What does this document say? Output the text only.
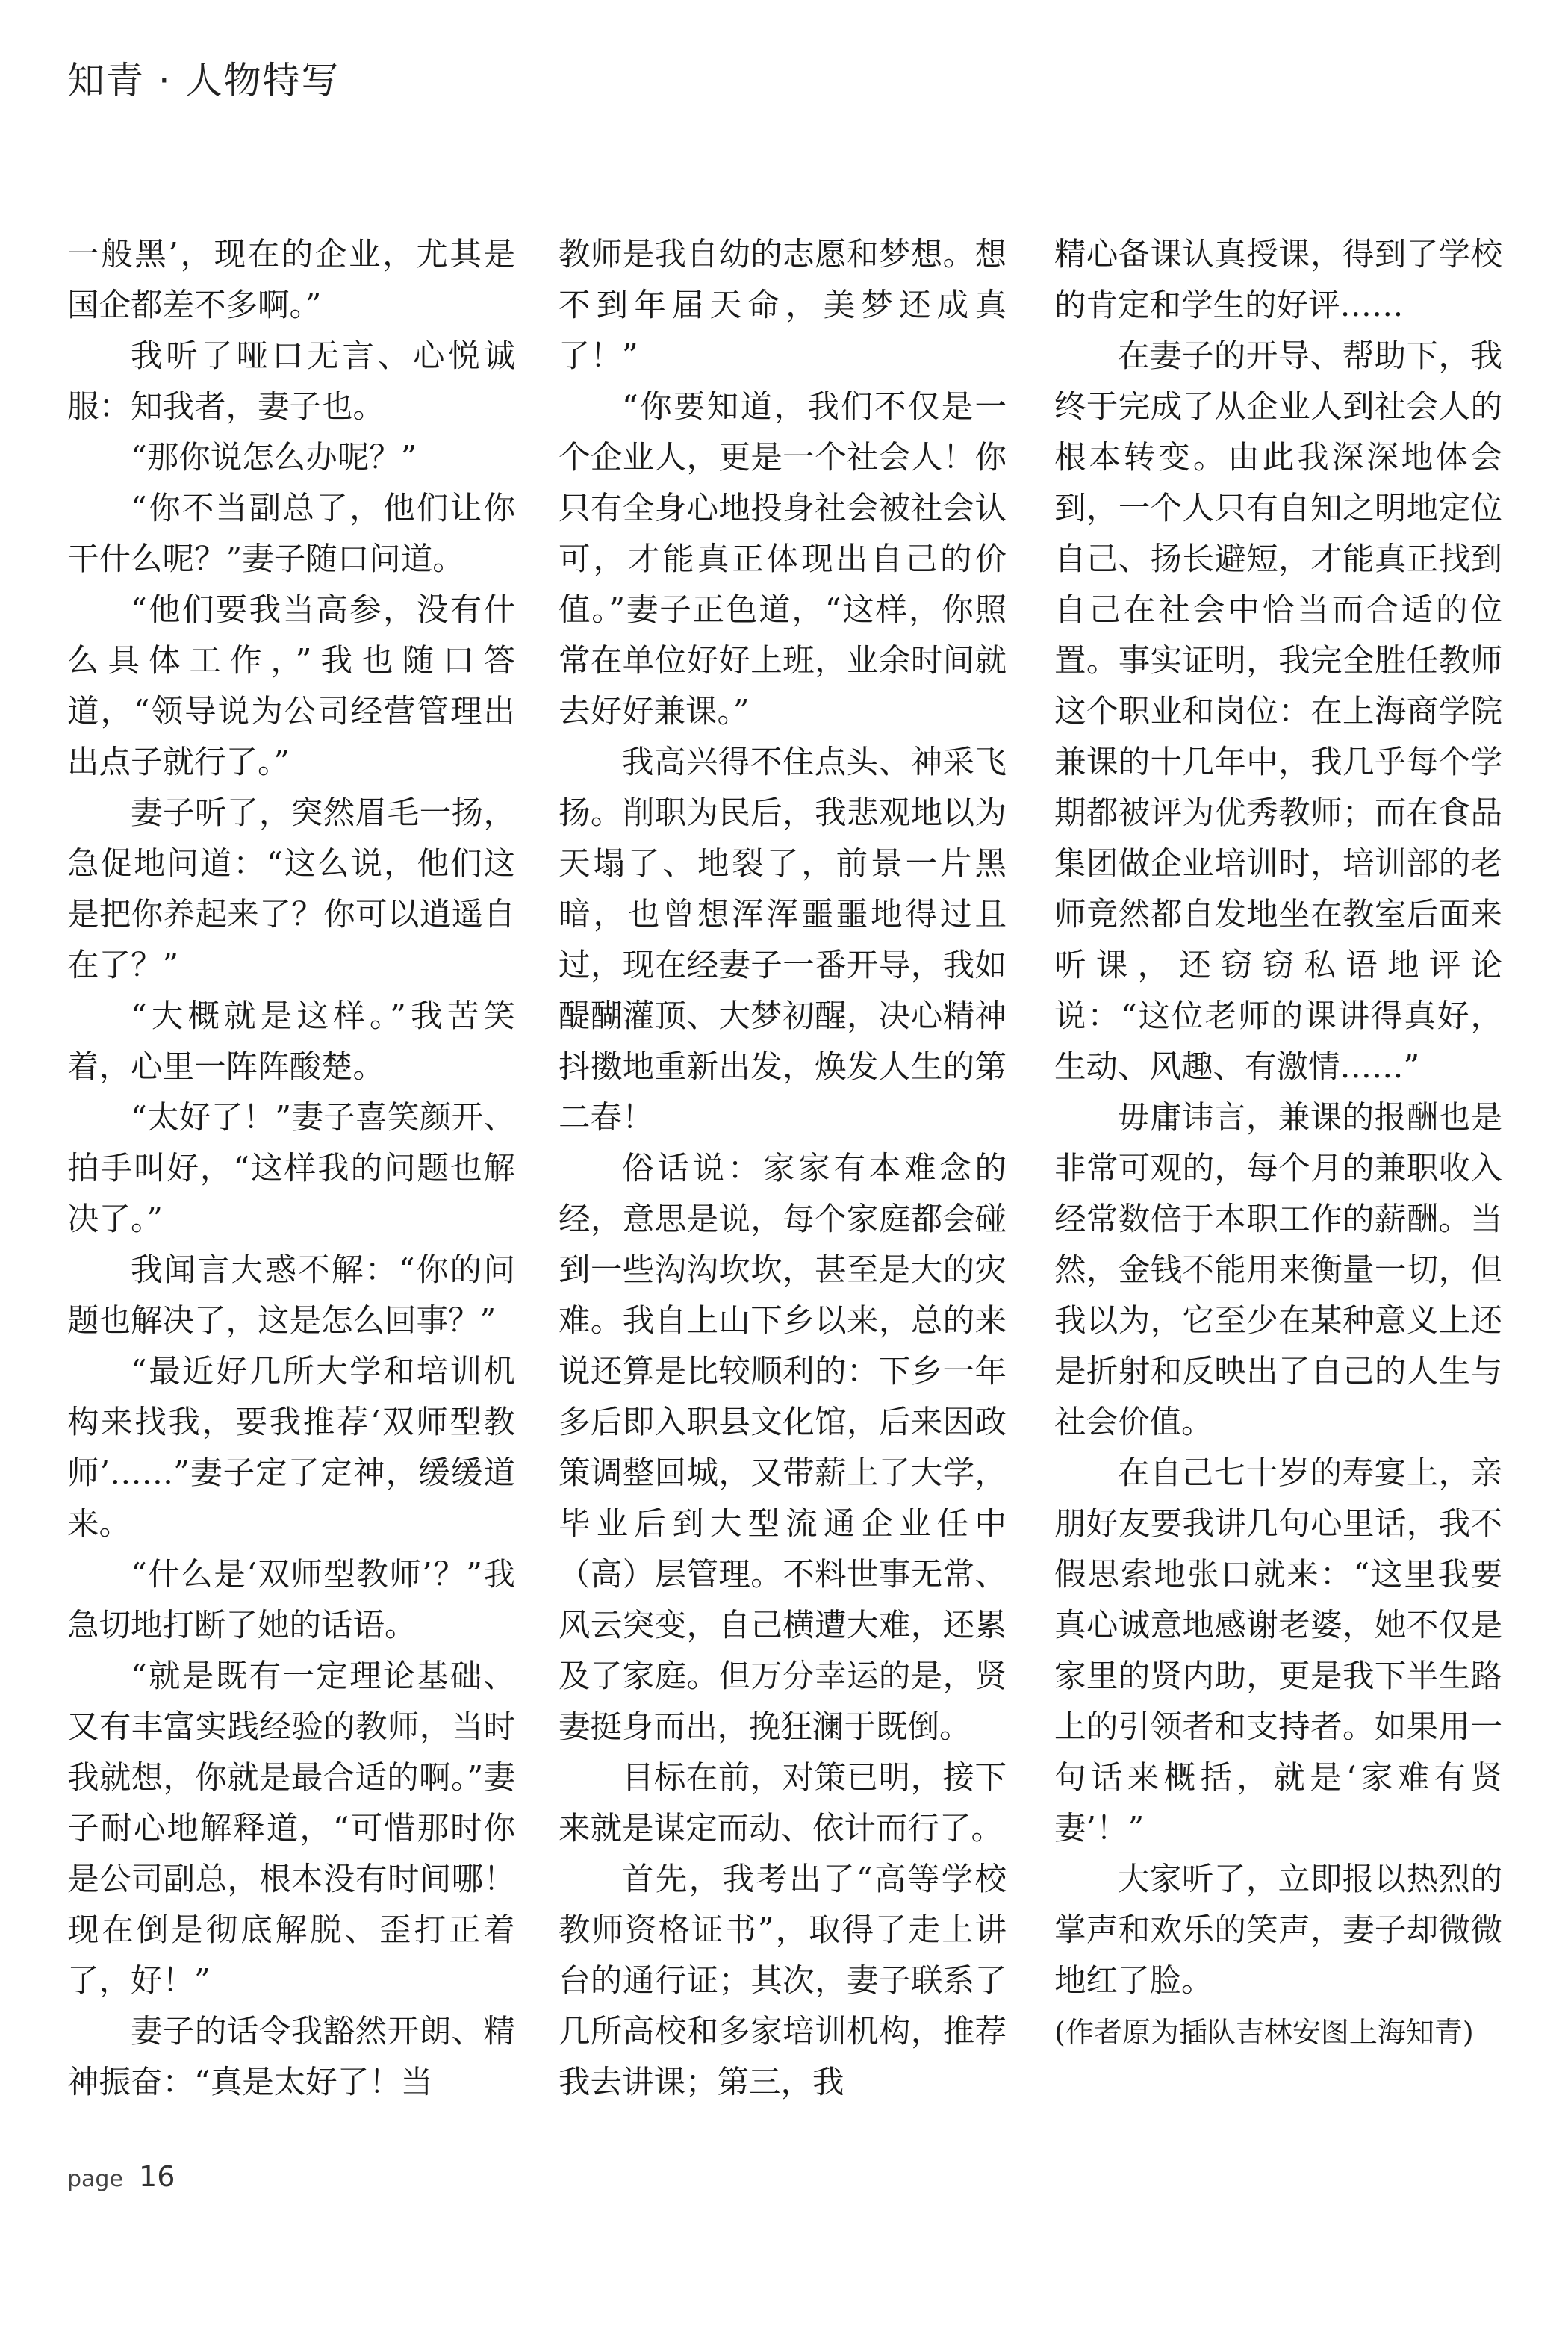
知青 · 人物特写

一般黑’，现在的企业，尤其是国企都差不多啊。”

我听了哑口无言、心悦诚服：知我者，妻子也。

“那你说怎么办呢？”

“你不当副总了，他们让你干什么呢？”妻子随口问道。

“他们要我当高参，没有什么具体工作，”我也随口答道，“领导说为公司经营管理出出点子就行了。”

妻子听了，突然眉毛一扬，急促地问道：“这么说，他们这是把你养起来了？你可以逍遥自在了？”

“大概就是这样。”我苦笑着，心里一阵阵酸楚。

“太好了！”妻子喜笑颜开、拍手叫好，“这样我的问题也解决了。”

我闻言大惑不解：“你的问题也解决了，这是怎么回事？”

“最近好几所大学和培训机构来找我，要我推荐‘双师型教师’……”妻子定了定神，缓缓道来。

“什么是‘双师型教师’？”我急切地打断了她的话语。

“就是既有一定理论基础、又有丰富实践经验的教师，当时我就想，你就是最合适的啊。”妻子耐心地解释道，“可惜那时你是公司副总，根本没有时间哪！现在倒是彻底解脱、歪打正着了，好！”

妻子的话令我豁然开朗、精神振奋：“真是太好了！当

教师是我自幼的志愿和梦想。想不到年届天命，美梦还成真了！”

“你要知道，我们不仅是一个企业人，更是一个社会人！你只有全身心地投身社会被社会认可，才能真正体现出自己的价值。”妻子正色道，“这样，你照常在单位好好上班，业余时间就去好好兼课。”

我高兴得不住点头、神采飞扬。削职为民后，我悲观地以为天塌了、地裂了，前景一片黑暗，也曾想浑浑噩噩地得过且过，现在经妻子一番开导，我如醍醐灌顶、大梦初醒，决心精神抖擞地重新出发，焕发人生的第二春！

俗话说：家家有本难念的经，意思是说，每个家庭都会碰到一些沟沟坎坎，甚至是大的灾难。我自上山下乡以来，总的来说还算是比较顺利的：下乡一年多后即入职县文化馆，后来因政策调整回城，又带薪上了大学，毕业后到大型流通企业任中（高）层管理。不料世事无常、风云突变，自己横遭大难，还累及了家庭。但万分幸运的是，贤妻挺身而出，挽狂澜于既倒。

目标在前，对策已明，接下来就是谋定而动、依计而行了。

首先，我考出了“高等学校教师资格证书”，取得了走上讲台的通行证；其次，妻子联系了几所高校和多家培训机构，推荐我去讲课；第三，我

精心备课认真授课，得到了学校的肯定和学生的好评……

在妻子的开导、帮助下，我终于完成了从企业人到社会人的根本转变。由此我深深地体会到，一个人只有自知之明地定位自己、扬长避短，才能真正找到自己在社会中恰当而合适的位置。事实证明，我完全胜任教师这个职业和岗位：在上海商学院兼课的十几年中，我几乎每个学期都被评为优秀教师；而在食品集团做企业培训时，培训部的老师竟然都自发地坐在教室后面来听课，还窃窃私语地评论说：“这位老师的课讲得真好，生动、风趣、有激情……”

毋庸讳言，兼课的报酬也是非常可观的，每个月的兼职收入经常数倍于本职工作的薪酬。当然，金钱不能用来衡量一切，但我以为，它至少在某种意义上还是折射和反映出了自己的人生与社会价值。

在自己七十岁的寿宴上，亲朋好友要我讲几句心里话，我不假思索地张口就来：“这里我要真心诚意地感谢老婆，她不仅是家里的贤内助，更是我下半生路上的引领者和支持者。如果用一句话来概括，就是‘家难有贤妻’！”

大家听了，立即报以热烈的掌声和欢乐的笑声，妻子却微微地红了脸。

(作者原为插队吉林安图上海知青)

page 16
